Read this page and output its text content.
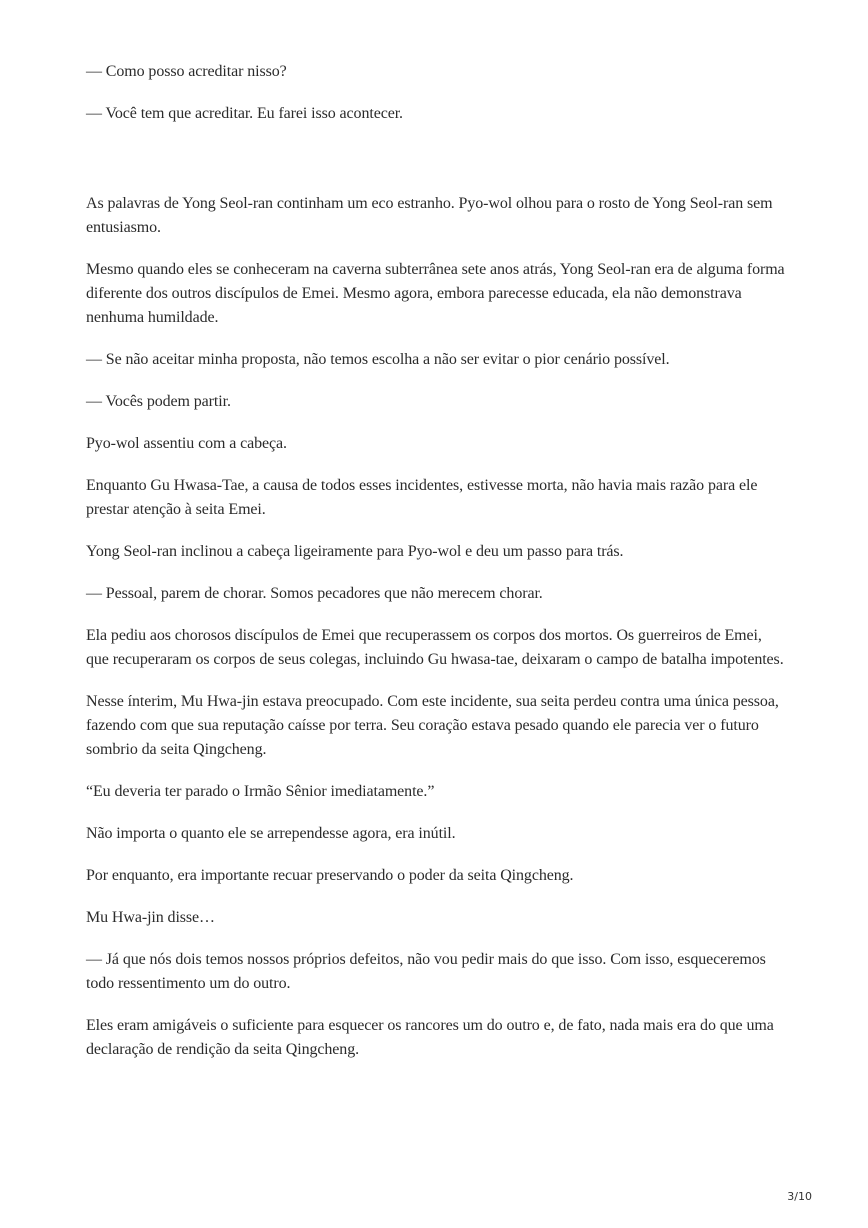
— Como posso acreditar nisso?

— Você tem que acreditar. Eu farei isso acontecer.

As palavras de Yong Seol-ran continham um eco estranho. Pyo-wol olhou para o rosto de Yong Seol-ran sem entusiasmo.

Mesmo quando eles se conheceram na caverna subterrânea sete anos atrás, Yong Seol-ran era de alguma forma diferente dos outros discípulos de Emei. Mesmo agora, embora parecesse educada, ela não demonstrava nenhuma humildade.

— Se não aceitar minha proposta, não temos escolha a não ser evitar o pior cenário possível.

— Vocês podem partir.

Pyo-wol assentiu com a cabeça.

Enquanto Gu Hwasa-Tae, a causa de todos esses incidentes, estivesse morta, não havia mais razão para ele prestar atenção à seita Emei.

Yong Seol-ran inclinou a cabeça ligeiramente para Pyo-wol e deu um passo para trás.

— Pessoal, parem de chorar. Somos pecadores que não merecem chorar.

Ela pediu aos chorosos discípulos de Emei que recuperassem os corpos dos mortos. Os guerreiros de Emei, que recuperaram os corpos de seus colegas, incluindo Gu hwasa-tae, deixaram o campo de batalha impotentes.

Nesse ínterim, Mu Hwa-jin estava preocupado. Com este incidente, sua seita perdeu contra uma única pessoa, fazendo com que sua reputação caísse por terra. Seu coração estava pesado quando ele parecia ver o futuro sombrio da seita Qingcheng.

“Eu deveria ter parado o Irmão Sênior imediatamente.”

Não importa o quanto ele se arrependesse agora, era inútil.

Por enquanto, era importante recuar preservando o poder da seita Qingcheng.

Mu Hwa-jin disse…

— Já que nós dois temos nossos próprios defeitos, não vou pedir mais do que isso. Com isso, esqueceremos todo ressentimento um do outro.

Eles eram amigáveis o suficiente para esquecer os rancores um do outro e, de fato, nada mais era do que uma declaração de rendição da seita Qingcheng.

3/10
